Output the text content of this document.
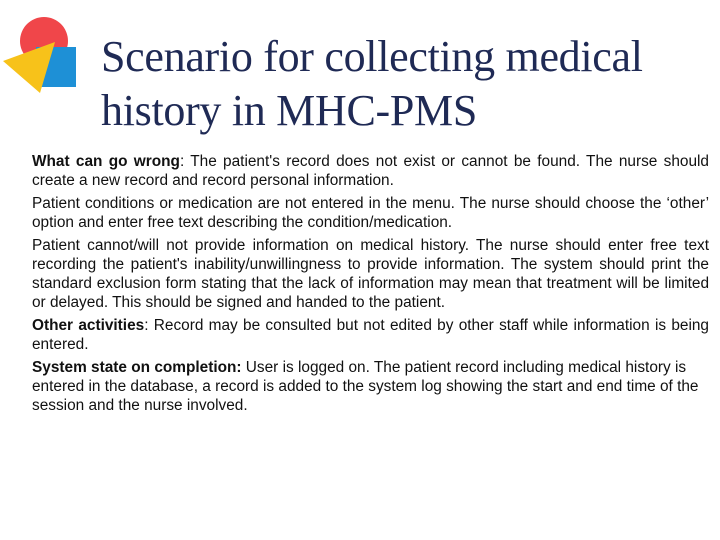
Scenario for collecting medical
history in MHC-PMS

What can go wrong: The patient's record does not exist or cannot be found. The nurse should create a new record and record personal information.

Patient conditions or medication are not entered in the menu. The nurse should choose the ‘other’ option and enter free text describing the condition/medication.

Patient cannot/will not provide information on medical history. The nurse should enter free text recording the patient's inability/unwillingness to provide information. The system should print the standard exclusion form stating that the lack of information may mean that treatment will be limited or delayed. This should be signed and handed to the patient.

Other activities: Record may be consulted but not edited by other staff while information is being entered.

System state on completion: User is logged on. The patient record including medical history is entered in the database, a record is added to the system log showing the start and end time of the session and the nurse involved.
